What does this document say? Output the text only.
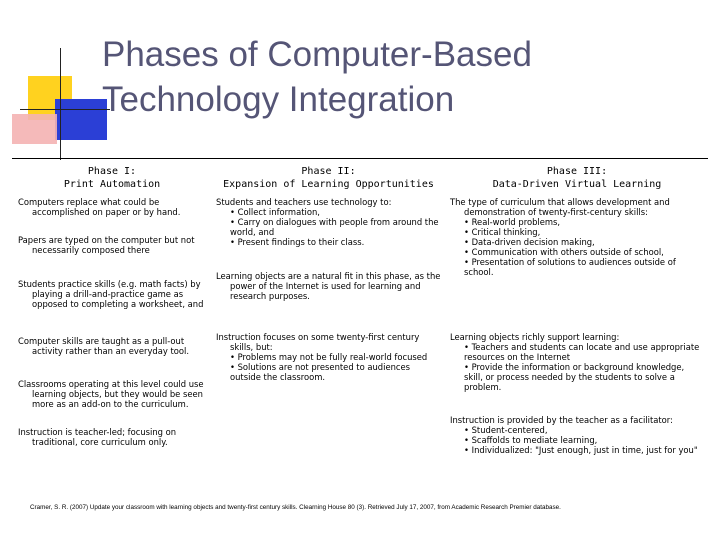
Phases of Computer-Based
Technology Integration
Phase I:
Print Automation

Computers replace what could be accomplished on paper or by hand.

Papers are typed on the computer but not necessarily composed there

Students practice skills (e.g. math facts) by playing a drill-and-practice game as opposed to completing a worksheet, and

Computer skills are taught as a pull-out activity rather than an everyday tool.

Classrooms operating at this level could use learning objects, but they would be seen more as an add-on to the curriculum.

Instruction is teacher-led; focusing on traditional, core curriculum only.

Phase II:
Expansion of Learning Opportunities

Students and teachers use technology to:

• Collect information,

• Carry on dialogues with people from around the world, and

• Present findings to their class.

Learning objects are a natural fit in this phase, as the power of the Internet is used for learning and research purposes.

Instruction focuses on some twenty-first century skills, but:

• Problems may not be fully real-world focused

• Solutions are not presented to audiences outside the classroom.

Phase III:
Data-Driven Virtual Learning

The type of curriculum that allows development and demonstration of twenty-first-century skills:

• Real-world problems,

• Critical thinking,

• Data-driven decision making,

• Communication with others outside of school,

• Presentation of solutions to audiences outside of school.

Learning objects richly support learning:

• Teachers and students can locate and use appropriate resources on the Internet

• Provide the information or background knowledge, skill, or process needed by the students to solve a problem.

Instruction is provided by the teacher as a facilitator:

• Student-centered,

• Scaffolds to mediate learning,

• Individualized: "Just enough, just in time, just for you"

Cramer, S. R. (2007) Update your classroom with learning objects and twenty-first century skills. Clearning House 80 (3). Retrieved July 17, 2007, from Academic Research Premier database.
